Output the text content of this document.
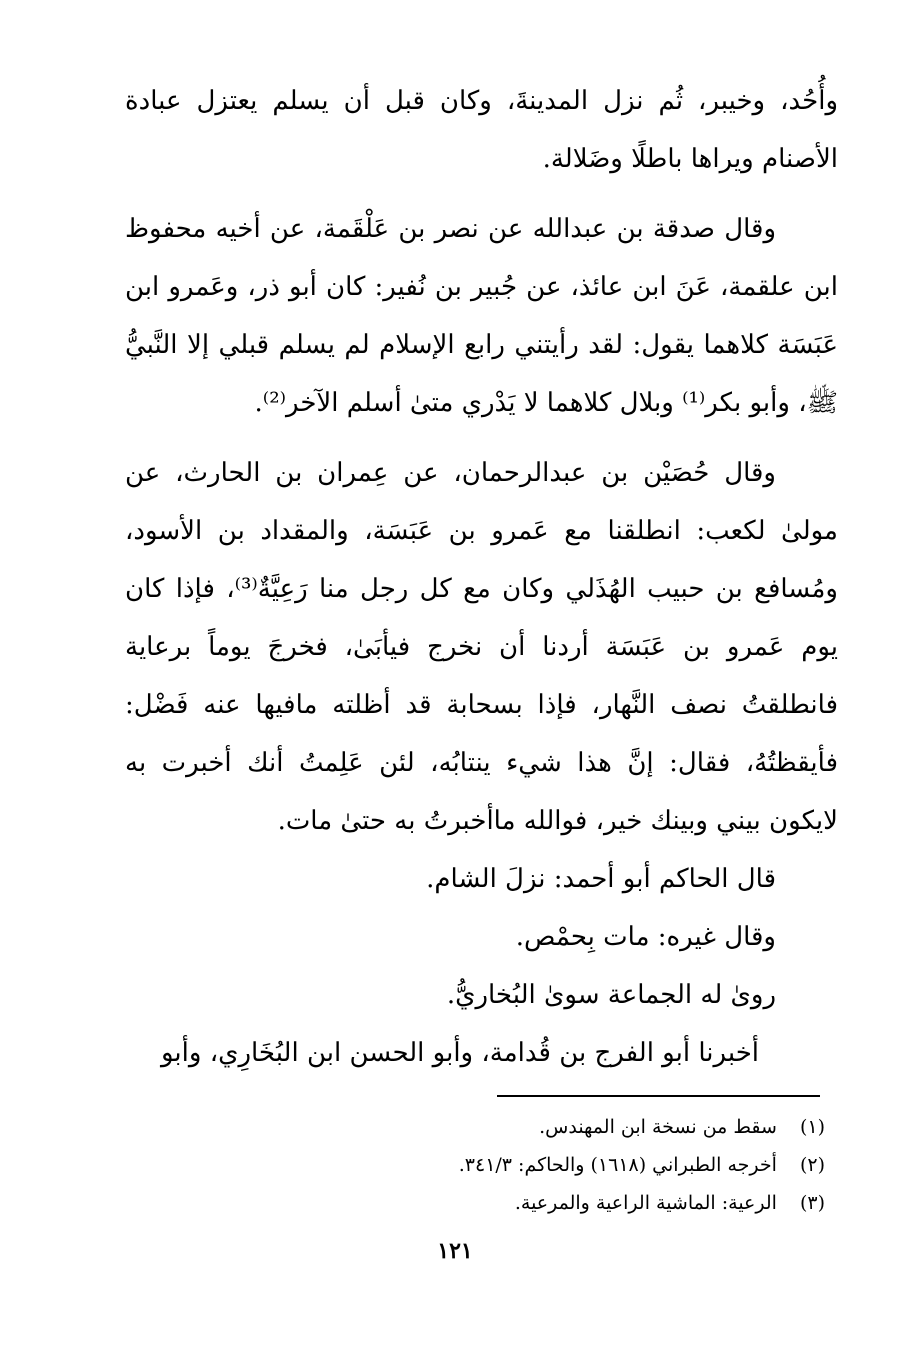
وأُحُد، وخيبر، ثُم نزل المدينةَ، وكان قبل أن يسلم يعتزل عبادة الأصنام ويراها باطلًا وضَلالة.

وقال صدقة بن عبدالله عن نصر بن عَلْقَمة، عن أخيه محفوظ ابن علقمة، عَنَ ابن عائذ، عن جُبير بن نُفير: كان أبو ذر، وعَمرو ابن عَبَسَة كلاهما يقول: لقد رأيتني رابع الإسلام لم يسلم قبلي إلا النَّبيُّ ﷺ، وأبو بكر⁽¹⁾ وبلال كلاهما لا يَدْري متىٰ أسلم الآخر⁽²⁾.

وقال حُصَيْن بن عبدالرحمان، عن عِمران بن الحارث، عن مولىٰ لكعب: انطلقنا مع عَمرو بن عَبَسَة، والمقداد بن الأسود، ومُسافع بن حبيب الهُذَلي وكان مع كل رجل منا رَعِيَّةٌ⁽³⁾، فإذا كان يوم عَمرو بن عَبَسَة أردنا أن نخرج فيأبَىٰ، فخرجَ يوماً برعاية فانطلقتُ نصف النَّهار، فإذا بسحابة قد أظلته مافيها عنه فَضْل: فأيقظتُهُ، فقال: إنَّ هذا شيء ينتابُه، لئن عَلِمتُ أنك أخبرت به لايكون بيني وبينك خير، فوالله ماأخبرتُ به حتىٰ مات.

قال الحاكم أبو أحمد: نزلَ الشام.

وقال غيره: مات بِحمْص.

روىٰ له الجماعة سوىٰ البُخاريُّ.

أخبرنا أبو الفرج بن قُدامة، وأبو الحسن ابن البُخَارِي، وأبو

(١) سقط من نسخة ابن المهندس.

(٢) أخرجه الطبراني (١٦١٨) والحاكم: ٣٤١/٣.

(٣) الرعية: الماشية الراعية والمرعية.

١٢١
